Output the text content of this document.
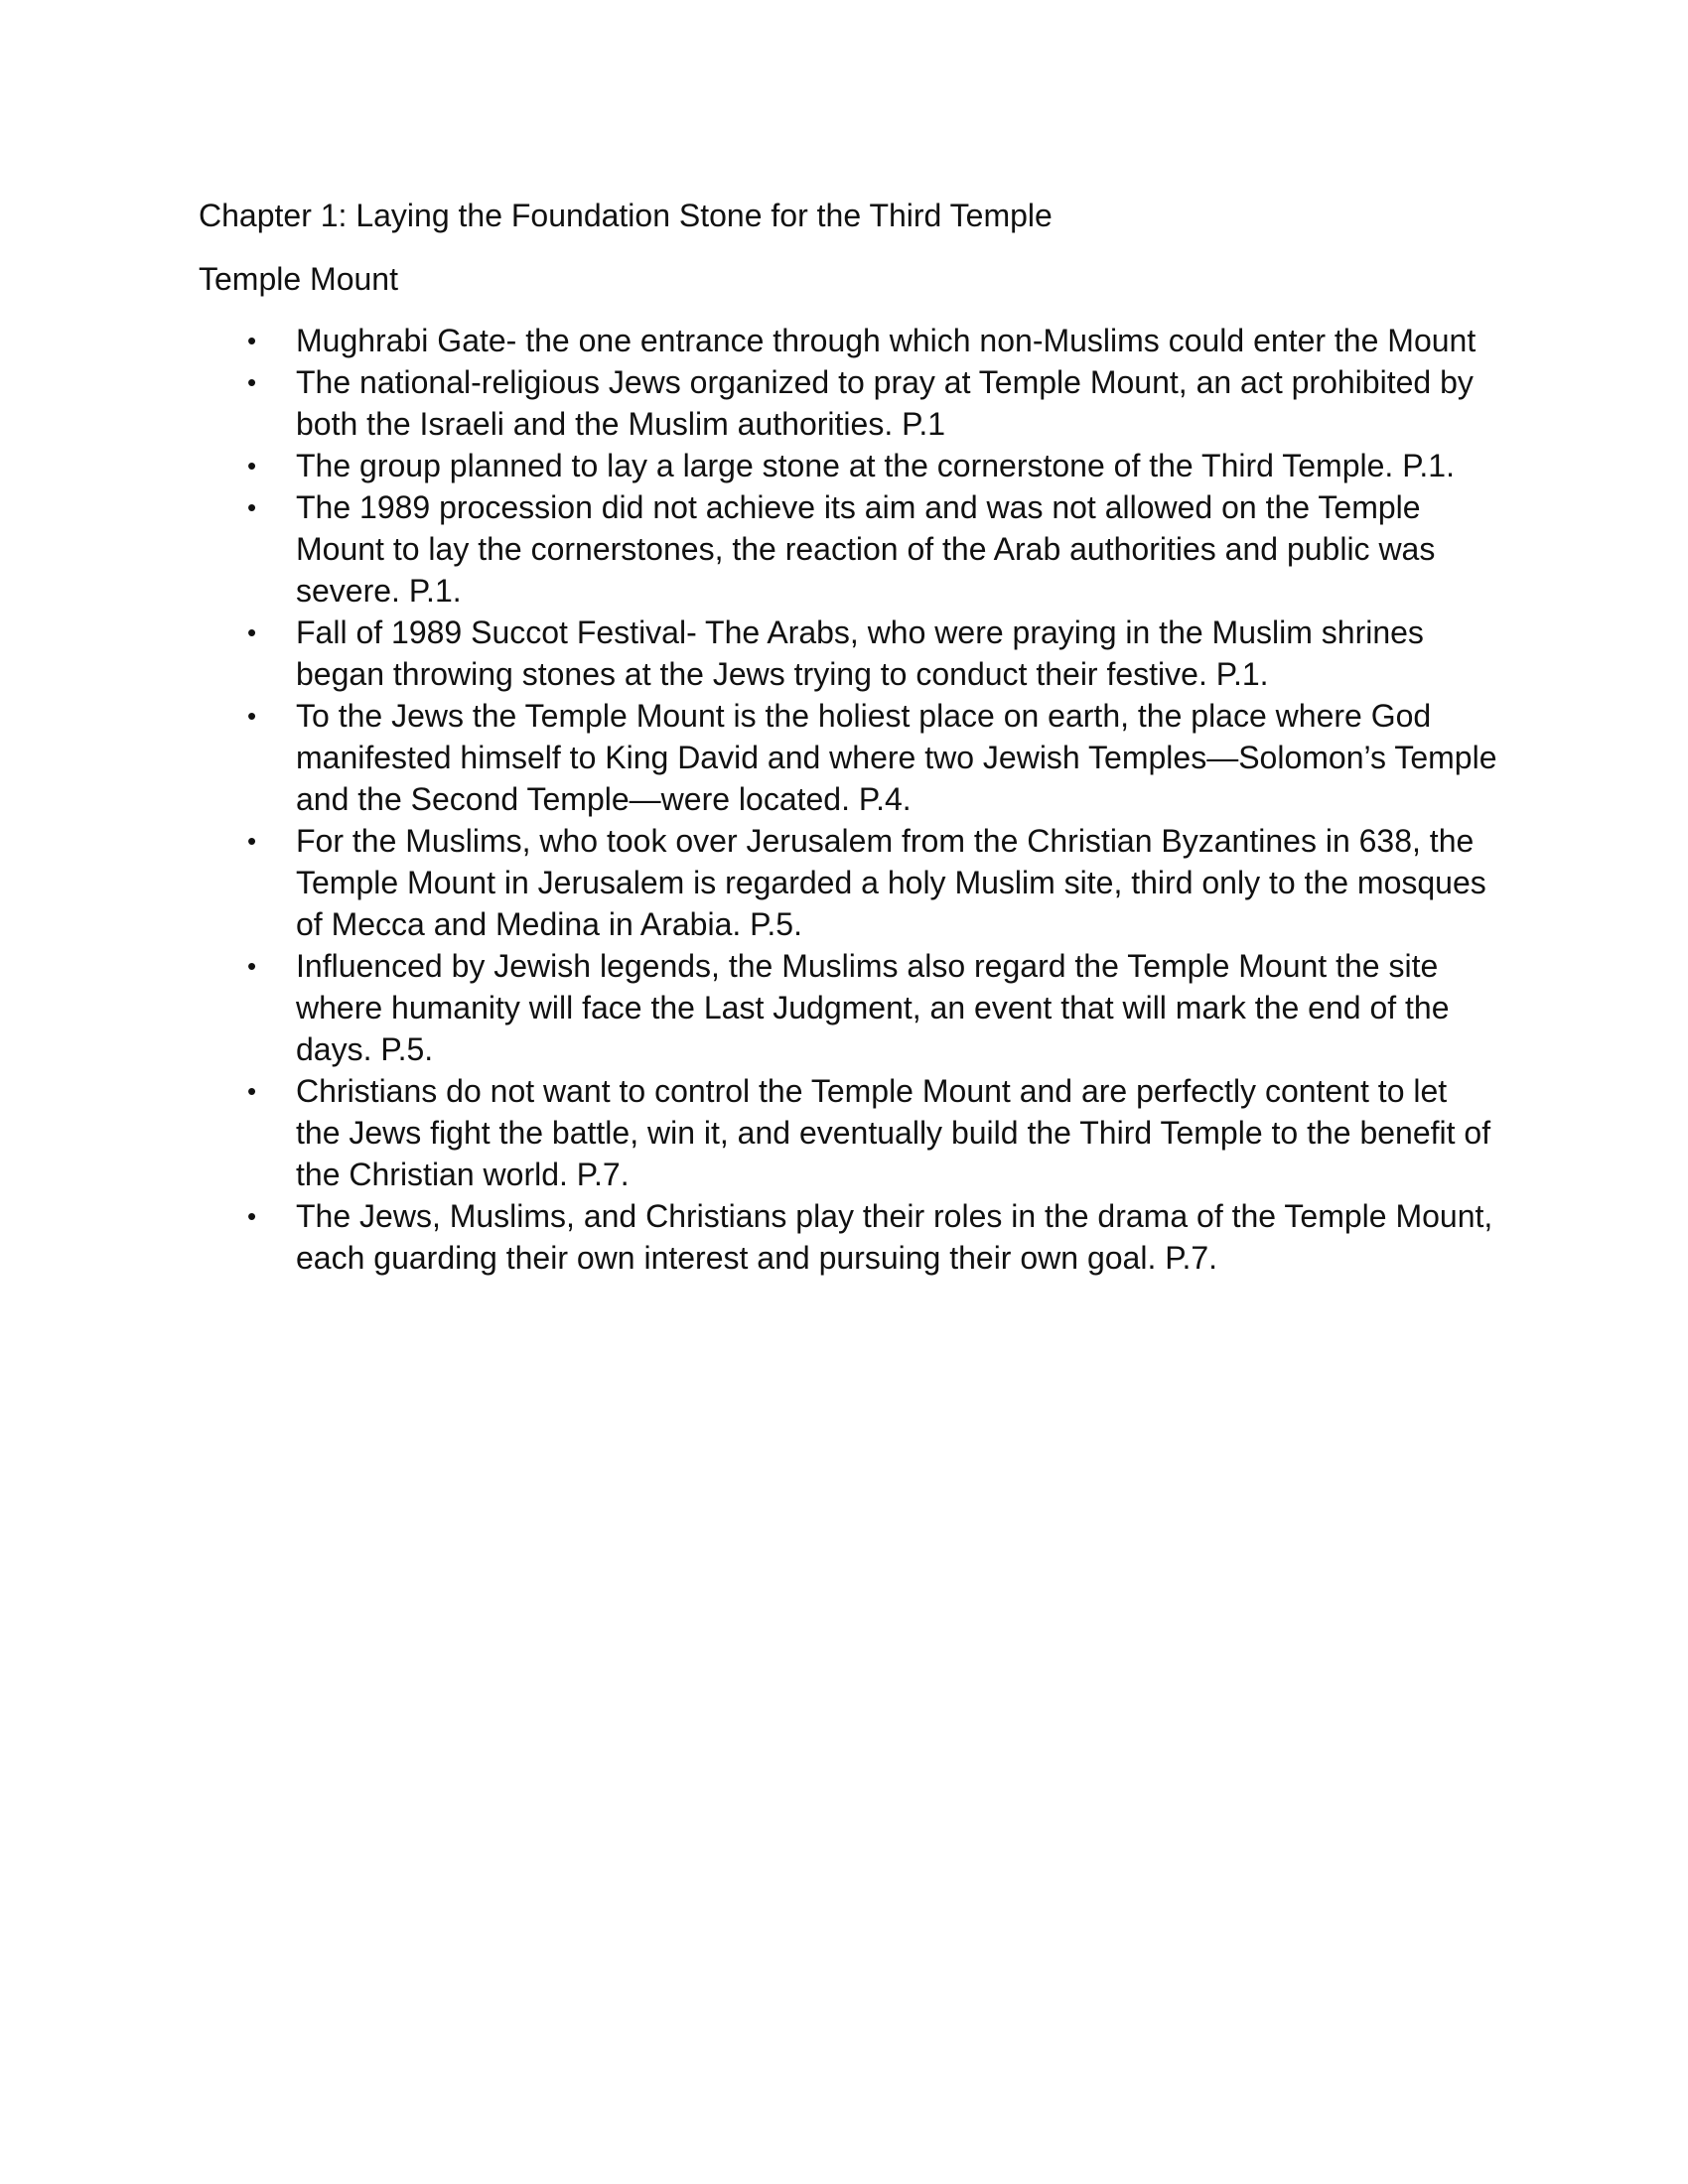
Chapter 1: Laying the Foundation Stone for the Third Temple
Temple Mount
• Mughrabi Gate- the one entrance through which non-Muslims could enter the Mount
• The national-religious Jews organized to pray at Temple Mount, an act prohibited by both the Israeli and the Muslim authorities. P.1
• The group planned to lay a large stone at the cornerstone of the Third Temple. P.1.
• The 1989 procession did not achieve its aim and was not allowed on the Temple Mount to lay the cornerstones, the reaction of the Arab authorities and public was severe. P.1.
• Fall of 1989 Succot Festival- The Arabs, who were praying in the Muslim shrines began throwing stones at the Jews trying to conduct their festive. P.1.
• To the Jews the Temple Mount is the holiest place on earth, the place where God manifested himself to King David and where two Jewish Temples—Solomon’s Temple and the Second Temple—were located. P.4.
• For the Muslims, who took over Jerusalem from the Christian Byzantines in 638, the Temple Mount in Jerusalem is regarded a holy Muslim site, third only to the mosques of Mecca and Medina in Arabia. P.5.
• Influenced by Jewish legends, the Muslims also regard the Temple Mount the site where humanity will face the Last Judgment, an event that will mark the end of the days. P.5.
• Christians do not want to control the Temple Mount and are perfectly content to let the Jews fight the battle, win it, and eventually build the Third Temple to the benefit of the Christian world. P.7.
• The Jews, Muslims, and Christians play their roles in the drama of the Temple Mount, each guarding their own interest and pursuing their own goal. P.7.
